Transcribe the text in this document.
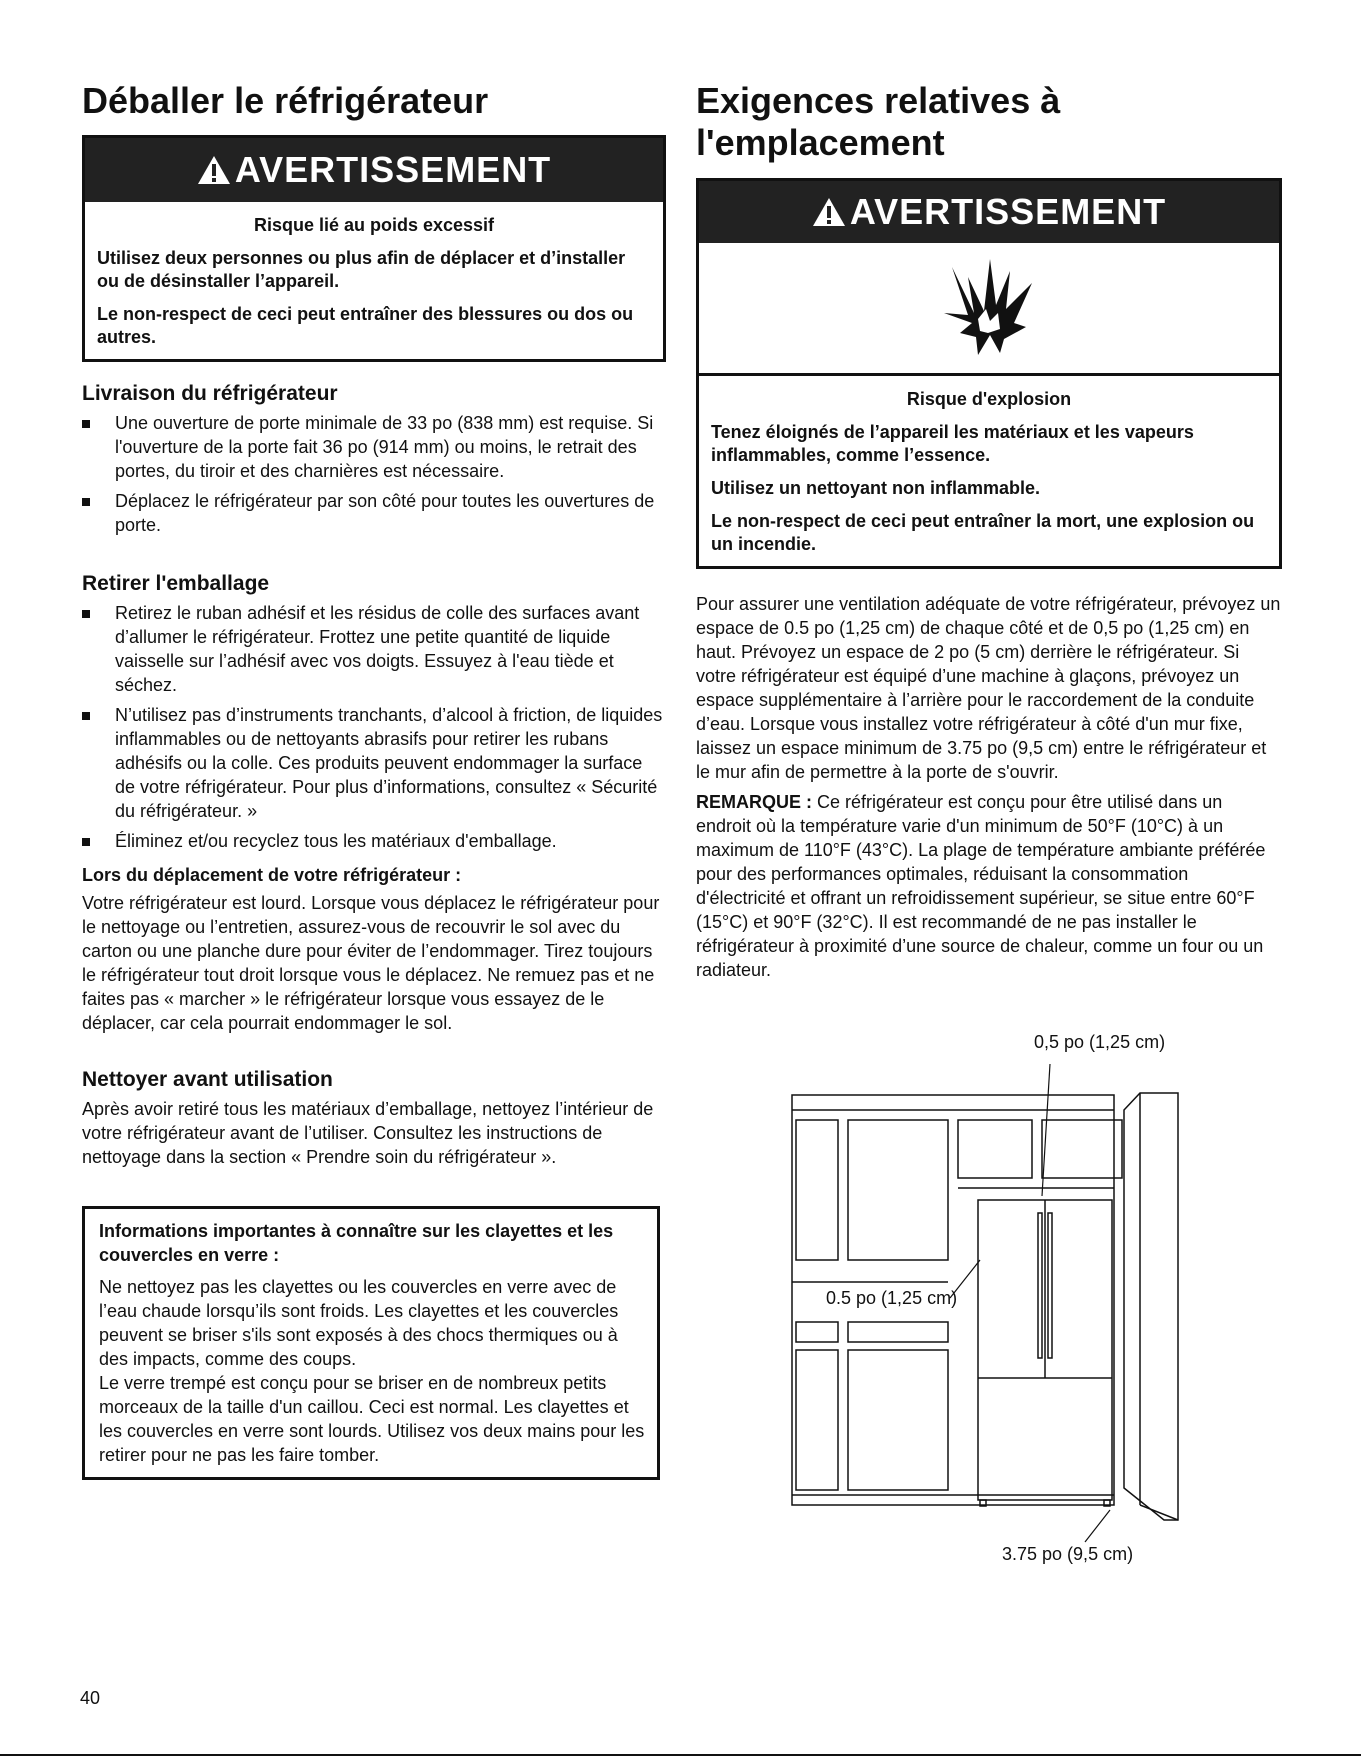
Déballer le réfrigérateur
AVERTISSEMENT
Risque lié au poids excessif

Utilisez deux personnes ou plus afin de déplacer et d’installer ou de désinstaller l’appareil.

Le non-respect de ceci peut entraîner des blessures ou dos ou autres.

Livraison du réfrigérateur
Une ouverture de porte minimale de 33 po (838 mm) est requise. Si l'ouverture de la porte fait 36 po (914 mm) ou moins, le retrait des portes, du tiroir et des charnières est nécessaire.
Déplacez le réfrigérateur par son côté pour toutes les ouvertures de porte.
Retirer l'emballage
Retirez le ruban adhésif et les résidus de colle des surfaces avant d’allumer le réfrigérateur. Frottez une petite quantité de liquide vaisselle sur l’adhésif avec vos doigts. Essuyez à l'eau tiède et séchez.
N’utilisez pas d’instruments tranchants, d’alcool à friction, de liquides inflammables ou de nettoyants abrasifs pour retirer les rubans adhésifs ou la colle. Ces produits peuvent endommager la surface de votre réfrigérateur. Pour plus d’informations, consultez « Sécurité du réfrigérateur. »
Éliminez et/ou recyclez tous les matériaux d'emballage.
Lors du déplacement de votre réfrigérateur :

Votre réfrigérateur est lourd. Lorsque vous déplacez le réfrigérateur pour le nettoyage ou l’entretien, assurez-vous de recouvrir le sol avec du carton ou une planche dure pour éviter de l’endommager. Tirez toujours le réfrigérateur tout droit lorsque vous le déplacez. Ne remuez pas et ne faites pas « marcher » le réfrigérateur lorsque vous essayez de le déplacer, car cela pourrait endommager le sol.

Nettoyer avant utilisation

Après avoir retiré tous les matériaux d’emballage, nettoyez l’intérieur de votre réfrigérateur avant de l’utiliser. Consultez les instructions de nettoyage dans la section « Prendre soin du réfrigérateur ».

Informations importantes à connaître sur les clayettes et les couvercles en verre :

Ne nettoyez pas les clayettes ou les couvercles en verre avec de l’eau chaude lorsqu’ils sont froids. Les clayettes et les couvercles peuvent se briser s'ils sont exposés à des chocs thermiques ou à des impacts, comme des coups.

Le verre trempé est conçu pour se briser en de nombreux petits morceaux de la taille d'un caillou. Ceci est normal. Les clayettes et les couvercles en verre sont lourds. Utilisez vos deux mains pour les retirer pour ne pas les faire tomber.

Exigences relatives à
l'emplacement
AVERTISSEMENT
Risque d'explosion

Tenez éloignés de l’appareil les matériaux et les vapeurs inflammables, comme l’essence.

Utilisez un nettoyant non inflammable.

Le non-respect de ceci peut entraîner la mort, une explosion ou un incendie.

Pour assurer une ventilation adéquate de votre réfrigérateur, prévoyez un espace de 0.5 po (1,25 cm) de chaque côté et de 0,5 po (1,25 cm) en haut. Prévoyez un espace de 2 po (5 cm) derrière le réfrigérateur. Si votre réfrigérateur est équipé d’une machine à glaçons, prévoyez un espace supplémentaire à l’arrière pour le raccordement de la conduite d’eau. Lorsque vous installez votre réfrigérateur à côté d'un mur fixe, laissez un espace minimum de 3.75 po (9,5 cm) entre le réfrigérateur et le mur afin de permettre à la porte de s'ouvrir.

REMARQUE : Ce réfrigérateur est conçu pour être utilisé dans un endroit où la température varie d'un minimum de 50°F (10°C) à un maximum de 110°F (43°C). La plage de température ambiante préférée pour des performances optimales, réduisant la consommation d'électricité et offrant un refroidissement supérieur, se situe entre 60°F (15°C) et 90°F (32°C). Il est recommandé de ne pas installer le réfrigérateur à proximité d’une source de chaleur, comme un four ou un radiateur.

0,5 po (1,25 cm)
0.5 po (1,25 cm)
3.75 po (9,5 cm)
40
